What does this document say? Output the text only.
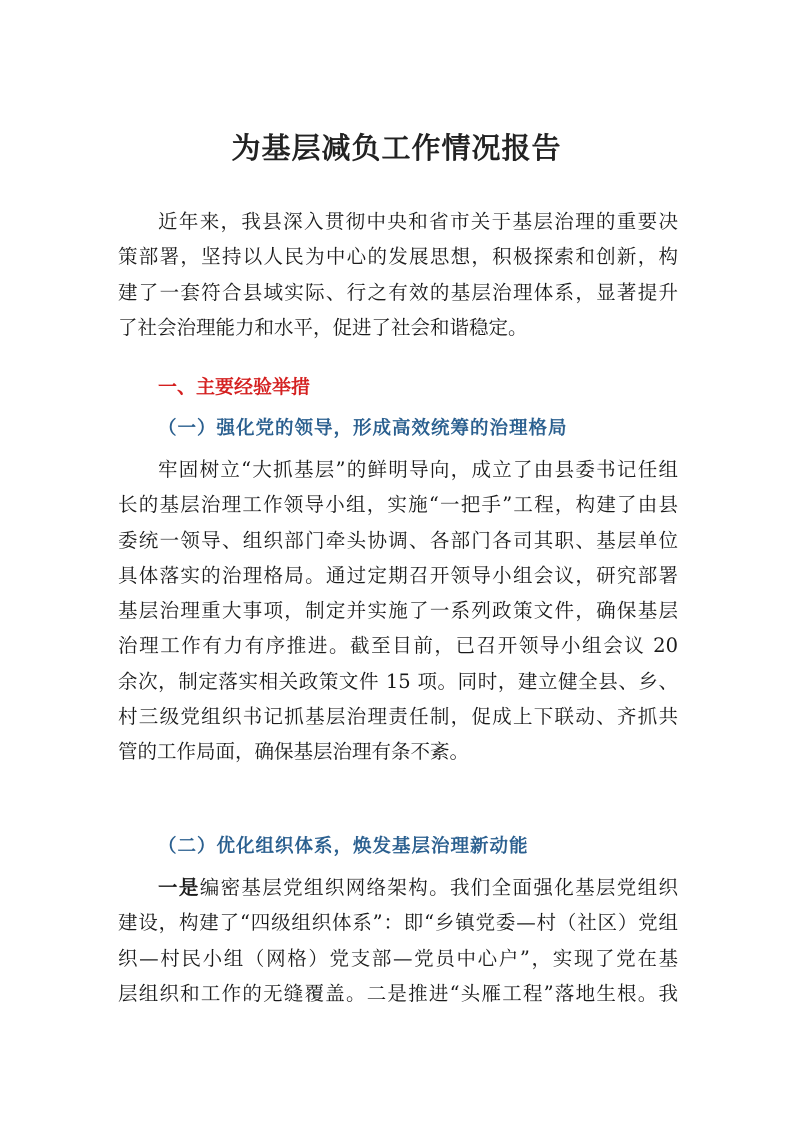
为基层减负工作情况报告
近年来，我县深入贯彻中央和省市关于基层治理的重要决
策部署，坚持以人民为中心的发展思想，积极探索和创新，构
建了一套符合县域实际、行之有效的基层治理体系，显著提升
了社会治理能力和水平，促进了社会和谐稳定。
一、主要经验举措
（一）强化党的领导，形成高效统筹的治理格局
牢固树立“大抓基层”的鲜明导向，成立了由县委书记任组
长的基层治理工作领导小组，实施“一把手”工程，构建了由县
委统一领导、组织部门牵头协调、各部门各司其职、基层单位
具体落实的治理格局。通过定期召开领导小组会议，研究部署
基层治理重大事项，制定并实施了一系列政策文件，确保基层
治理工作有力有序推进。截至目前，已召开领导小组会议 20
余次，制定落实相关政策文件 15 项。同时，建立健全县、乡、
村三级党组织书记抓基层治理责任制，促成上下联动、齐抓共
管的工作局面，确保基层治理有条不紊。
（二）优化组织体系，焕发基层治理新动能
一是编密基层党组织网络架构。我们全面强化基层党组织
建设，构建了“四级组织体系”：即“乡镇党委—村（社区）党组
织—村民小组（网格）党支部—党员中心户”，实现了党在基
层组织和工作的无缝覆盖。二是推进“头雁工程”落地生根。我
